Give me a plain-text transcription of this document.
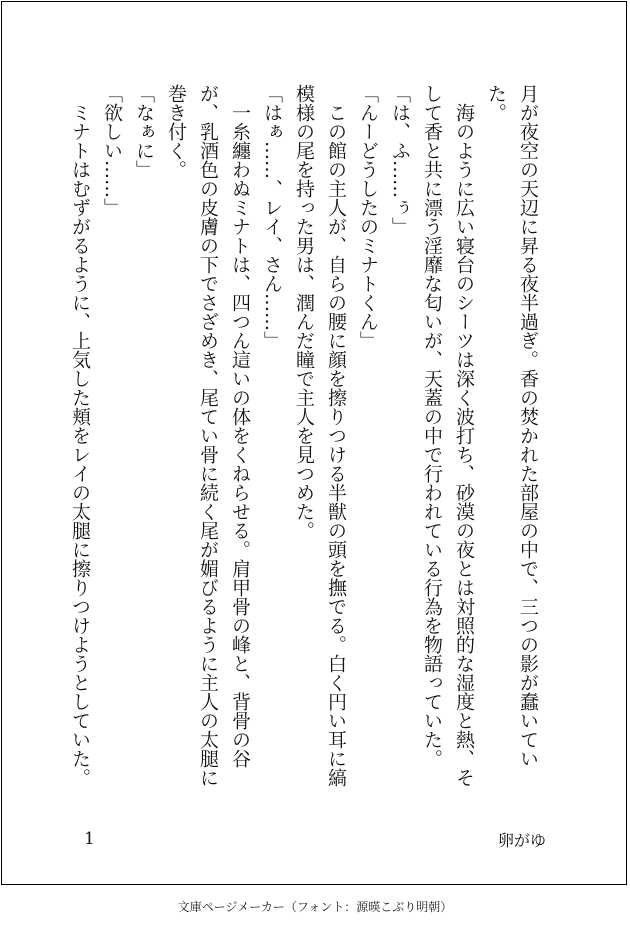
月が夜空の天辺に昇る夜半過ぎ。香の焚かれた部屋の中で、三つの影が蠢いていた。

　海のように広い寝台のシーツは深く波打ち、砂漠の夜とは対照的な湿度と熱、そして香と共に漂う淫靡な匂いが、天蓋の中で行われている行為を物語っていた。

「は、ふ……ぅ」

「んーどうしたのミナトくん」

　この館の主人が、自らの腰に顔を擦りつける半獣の頭を撫でる。白く円い耳に縞模様の尾を持った男は、潤んだ瞳で主人を見つめた。

「はぁ……、レイ、さん……」

　一糸纏わぬミナトは、四つん這いの体をくねらせる。肩甲骨の峰と、背骨の谷が、乳酒色の皮膚の下でさざめき、尾てい骨に続く尾が媚びるように主人の太腿に巻き付く。

「なぁに」

「欲しい……」

　ミナトはむずがるように、上気した頬をレイの太腿に擦りつけようとしていた。

1	卵がゆ
文庫ページメーカー（フォント：源暎こぶり明朝）
